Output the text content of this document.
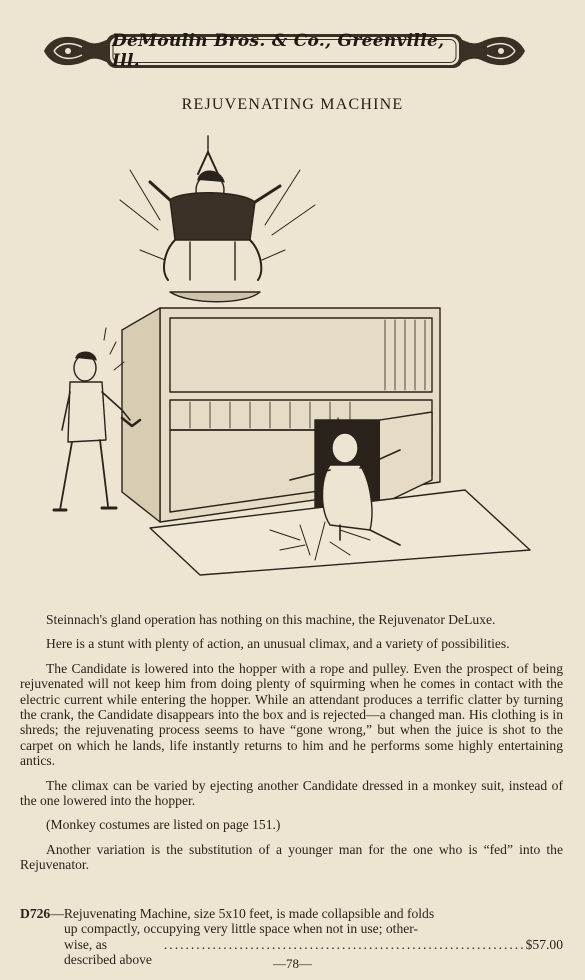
DeMoulin Bros. & Co., Greenville, Ill.
REJUVENATING MACHINE

Steinnach's gland operation has nothing on this machine, the Rejuvenator DeLuxe.

Here is a stunt with plenty of action, an unusual climax, and a variety of possibilities.

The Candidate is lowered into the hopper with a rope and pulley. Even the prospect of being rejuvenated will not keep him from doing plenty of squirming when he comes in contact with the electric current while entering the hopper. While an attendant produces a terrific clatter by turning the crank, the Candidate disappears into the box and is rejected—a changed man. His clothing is in shreds; the rejuvenating process seems to have “gone wrong,” but when the juice is shot to the carpet on which he lands, life instantly returns to him and he performs some highly entertaining antics.

The climax can be varied by ejecting another Candidate dressed in a monkey suit, instead of the one lowered into the hopper.

(Monkey costumes are listed on page 151.)

Another variation is the substitution of a younger man for the one who is “fed” into the Rejuvenator.

D726—Rejuvenating Machine, size 5x10 feet, is made collapsible and folds
up compactly, occupying very little space when not in use; other-
wise, as described above

................................................................... $57.00
—78—
